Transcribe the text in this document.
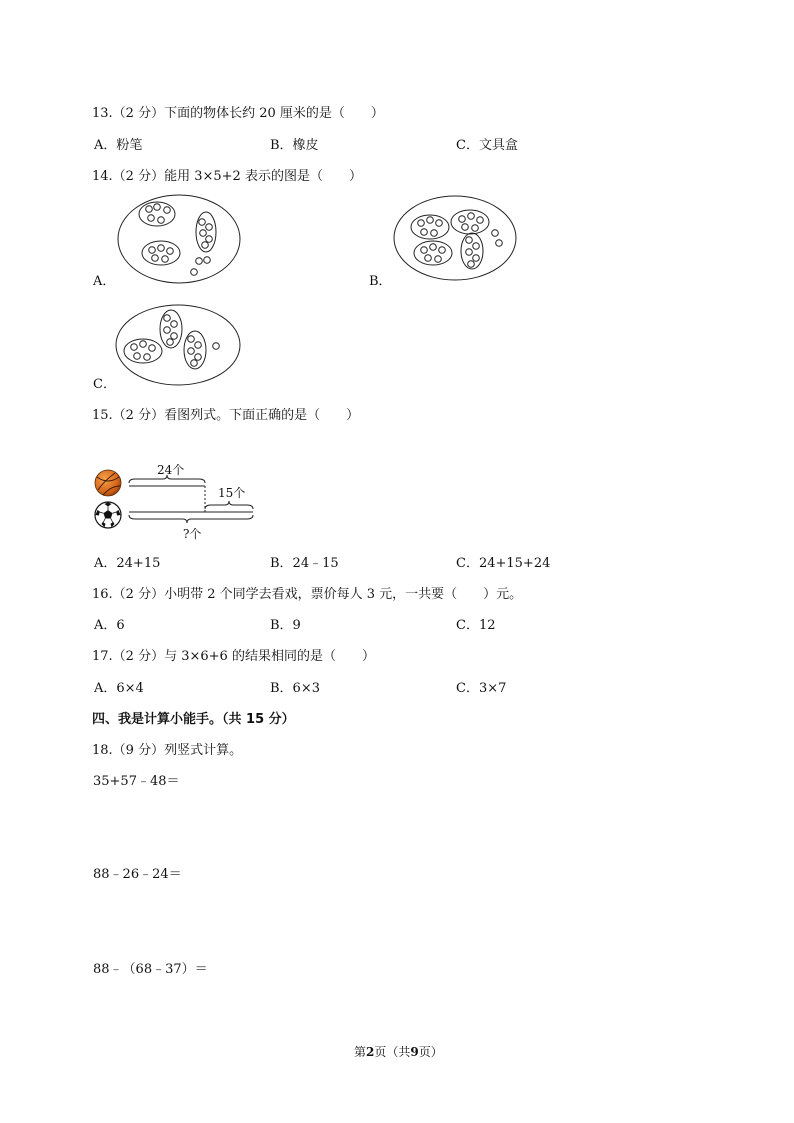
13.（2 分）下面的物体长约 20 厘米的是（　　）
A．粉笔	B．橡皮	C．文具盒
14.（2 分）能用 3×5+2 表示的图是（　　）
A．	B．
C．
15.（2 分）看图列式。下面正确的是（　　）
24个
15个
?个
A．24+15	B．24﹣15	C．24+15+24
16.（2 分）小明带 2 个同学去看戏，票价每人 3 元，一共要（　　）元。
A．6	B．9	C．12
17.（2 分）与 3×6+6 的结果相同的是（　　）
A．6×4	B．6×3	C．3×7
四、我是计算小能手。（共 15 分）
18.（9 分）列竖式计算。
35+57﹣48＝
88﹣26﹣24＝
88﹣（68﹣37）＝
第2页（共9页）
